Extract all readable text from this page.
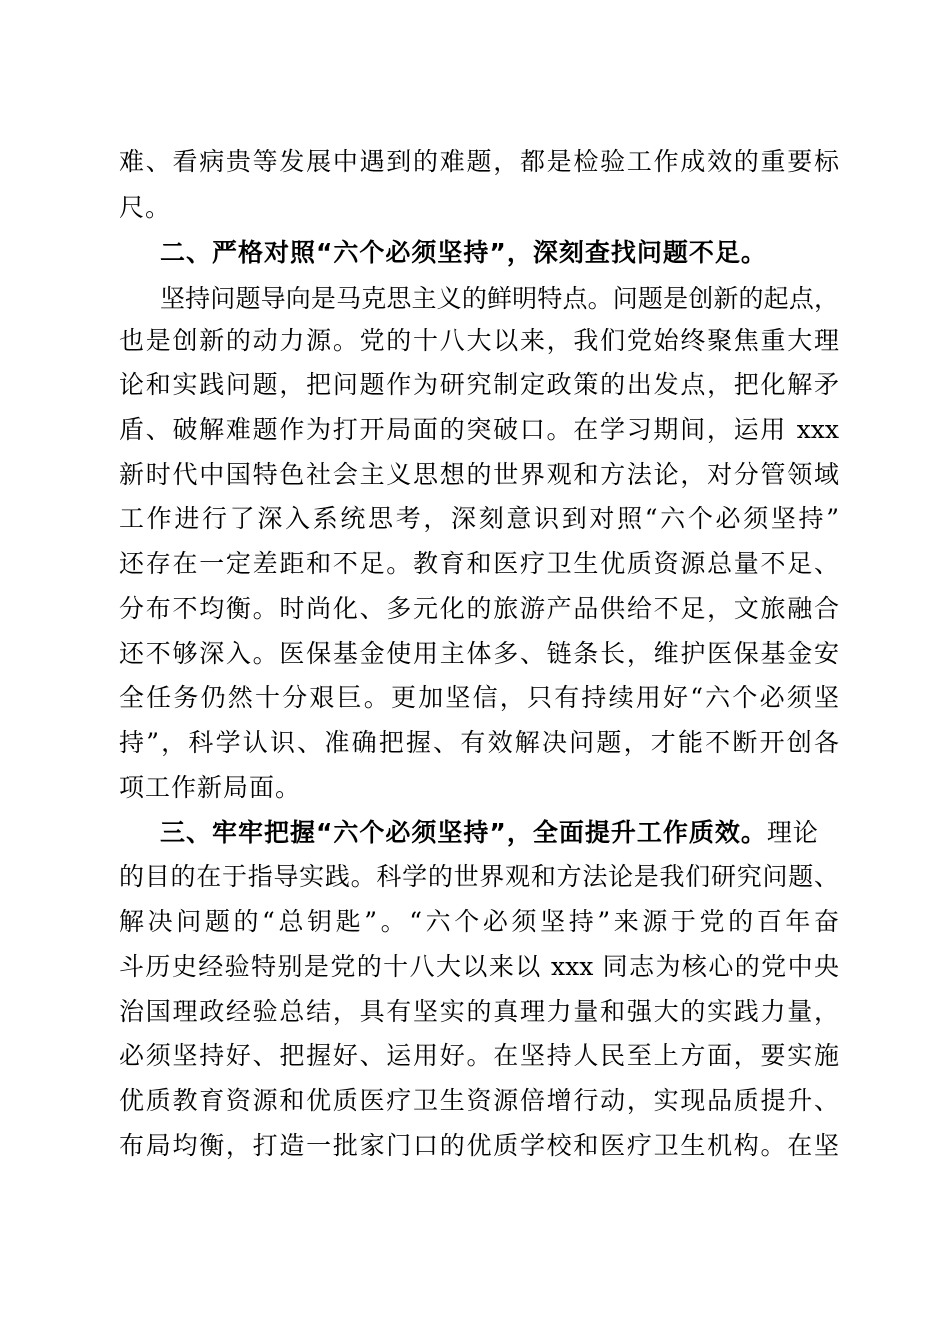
难、看病贵等发展中遇到的难题，都是检验工作成效的重要标
尺。
二、严格对照“六个必须坚持”，深刻查找问题不足。
坚持问题导向是马克思主义的鲜明特点。问题是创新的起点，
也是创新的动力源。党的十八大以来，我们党始终聚焦重大理
论和实践问题，把问题作为研究制定政策的出发点，把化解矛
盾、破解难题作为打开局面的突破口。在学习期间，运用 xxx
新时代中国特色社会主义思想的世界观和方法论，对分管领域
工作进行了深入系统思考，深刻意识到对照“六个必须坚持”
还存在一定差距和不足。教育和医疗卫生优质资源总量不足、
分布不均衡。时尚化、多元化的旅游产品供给不足，文旅融合
还不够深入。医保基金使用主体多、链条长，维护医保基金安
全任务仍然十分艰巨。更加坚信，只有持续用好“六个必须坚
持”，科学认识、准确把握、有效解决问题，才能不断开创各
项工作新局面。
三、牢牢把握“六个必须坚持”，全面提升工作质效。理论
的目的在于指导实践。科学的世界观和方法论是我们研究问题、
解决问题的“总钥匙”。“六个必须坚持”来源于党的百年奋
斗历史经验特别是党的十八大以来以 xxx 同志为核心的党中央
治国理政经验总结，具有坚实的真理力量和强大的实践力量，
必须坚持好、把握好、运用好。在坚持人民至上方面，要实施
优质教育资源和优质医疗卫生资源倍增行动，实现品质提升、
布局均衡，打造一批家门口的优质学校和医疗卫生机构。在坚
